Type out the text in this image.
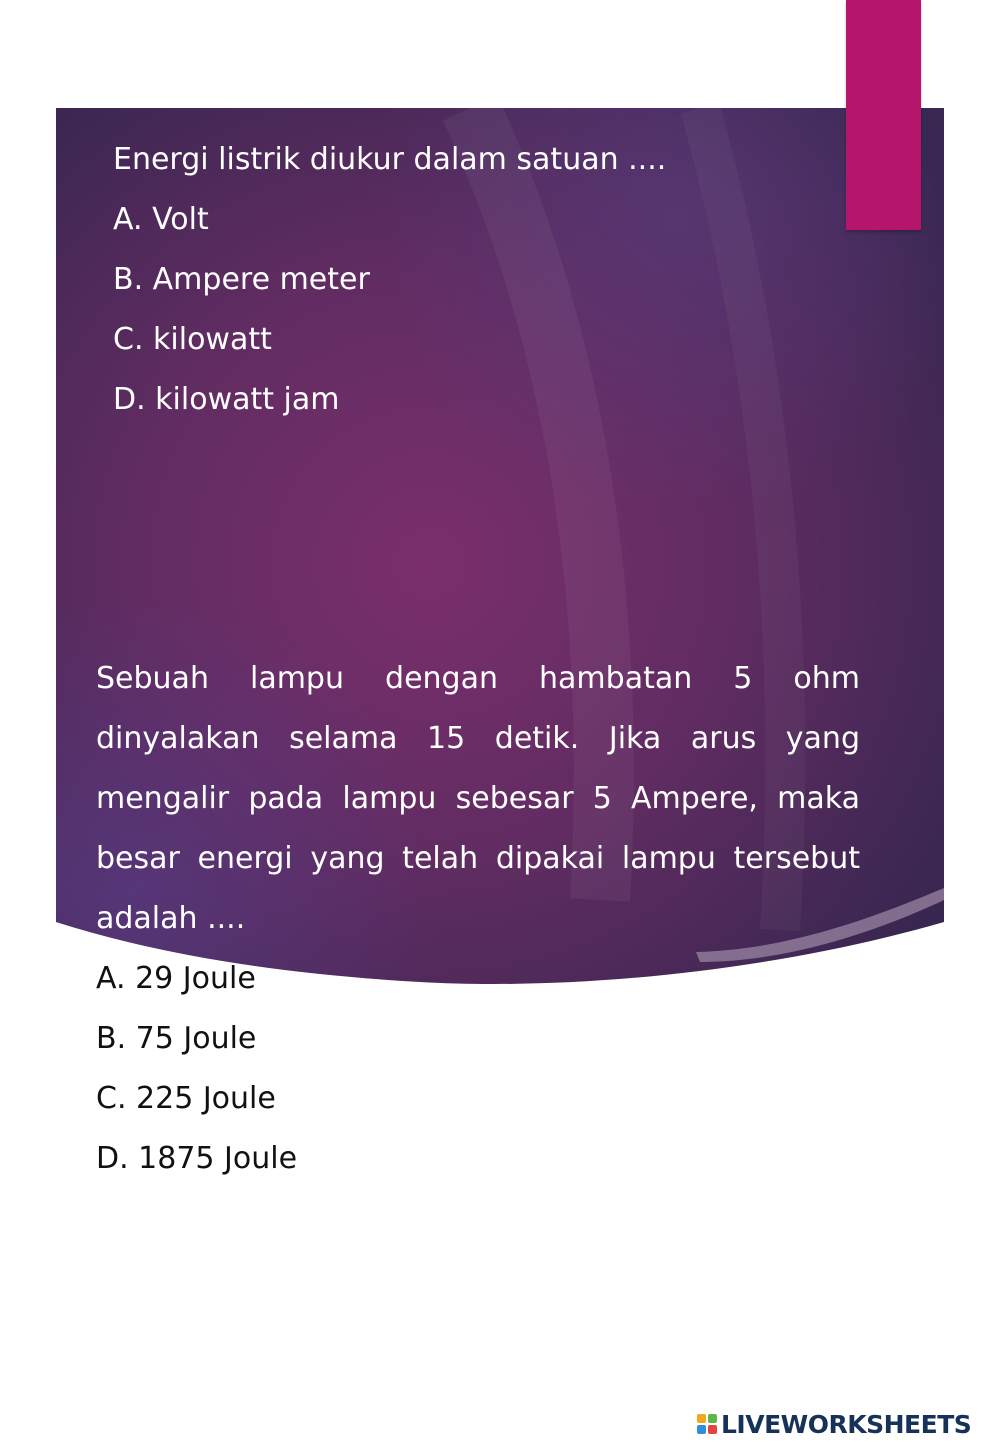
Energi listrik diukur dalam satuan ....
A. Volt
B. Ampere meter
C. kilowatt
D. kilowatt jam

Sebuah lampu dengan hambatan 5 ohm dinyalakan selama 15 detik. Jika arus yang mengalir pada lampu sebesar 5 Ampere, maka besar energi yang telah dipakai lampu tersebut adalah ....

A. 29 Joule
B. 75 Joule
C. 225 Joule
D. 1875 Joule
LIVEWORKSHEETS
